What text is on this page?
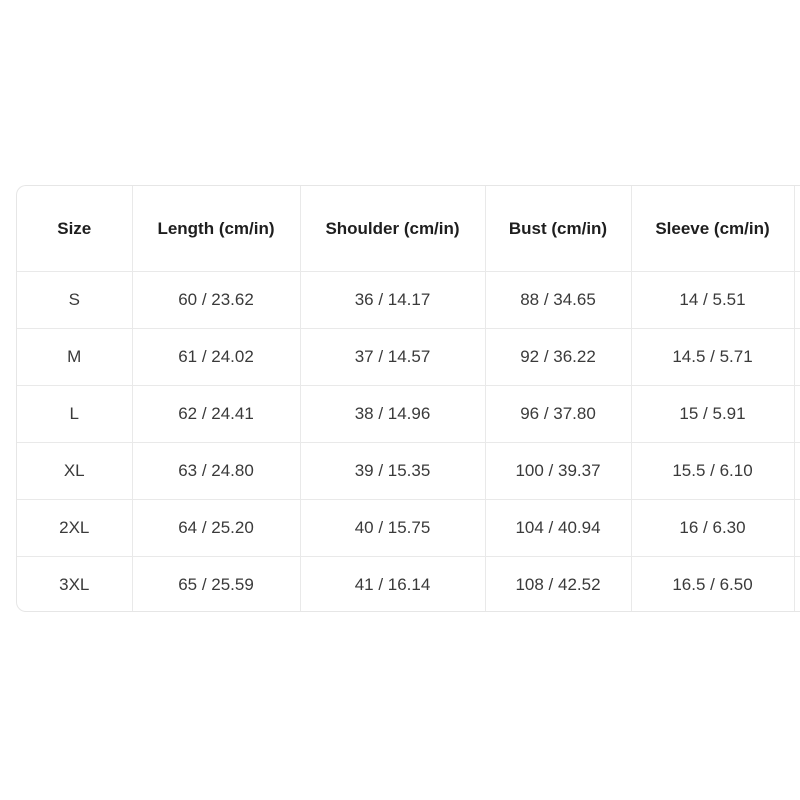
Size	Length (cm/in)	Shoulder (cm/in)	Bust (cm/in)	Sleeve (cm/in)	
S	60 / 23.62	36 / 14.17	88 / 34.65	14 / 5.51	
M	61 / 24.02	37 / 14.57	92 / 36.22	14.5 / 5.71	
L	62 / 24.41	38 / 14.96	96 / 37.80	15 / 5.91	
XL	63 / 24.80	39 / 15.35	100 / 39.37	15.5 / 6.10	
2XL	64 / 25.20	40 / 15.75	104 / 40.94	16 / 6.30	
3XL	65 / 25.59	41 / 16.14	108 / 42.52	16.5 / 6.50	
